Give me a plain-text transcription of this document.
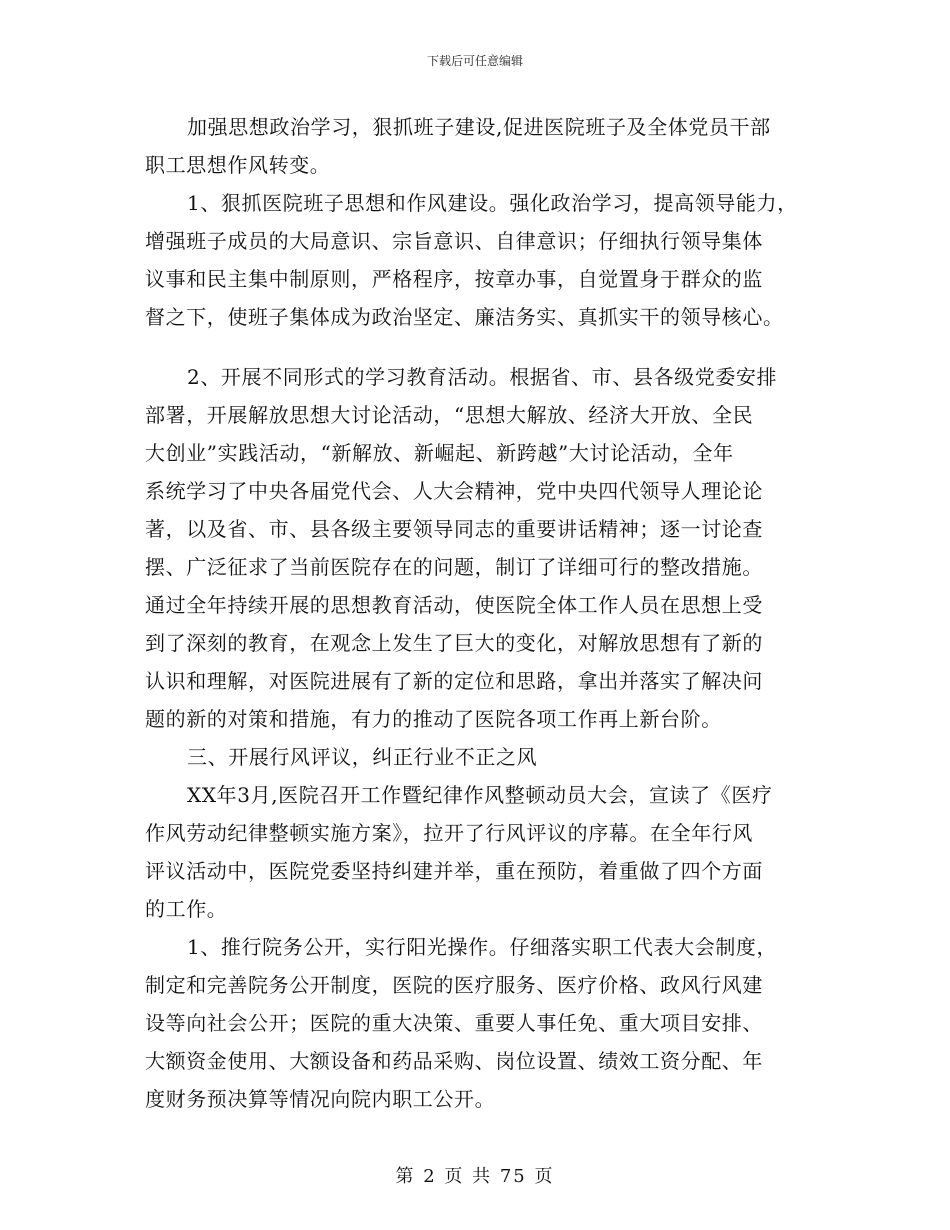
下载后可任意编辑
加强思想政治学习，狠抓班子建设,促进医院班子及全体党员干部
职工思想作风转变。
1、狠抓医院班子思想和作风建设。强化政治学习，提高领导能力，
增强班子成员的大局意识、宗旨意识、自律意识；仔细执行领导集体
议事和民主集中制原则，严格程序，按章办事，自觉置身于群众的监
督之下，使班子集体成为政治坚定、廉洁务实、真抓实干的领导核心。
2、开展不同形式的学习教育活动。根据省、市、县各级党委安排
部署，开展解放思想大讨论活动，“思想大解放、经济大开放、全民
大创业”实践活动，“新解放、新崛起、新跨越”大讨论活动，全年
系统学习了中央各届党代会、人大会精神，党中央四代领导人理论论
著，以及省、市、县各级主要领导同志的重要讲话精神；逐一讨论查
摆、广泛征求了当前医院存在的问题，制订了详细可行的整改措施。
通过全年持续开展的思想教育活动，使医院全体工作人员在思想上受
到了深刻的教育，在观念上发生了巨大的变化，对解放思想有了新的
认识和理解，对医院进展有了新的定位和思路，拿出并落实了解决问
题的新的对策和措施，有力的推动了医院各项工作再上新台阶。
三、开展行风评议，纠正行业不正之风
XX年3月,医院召开工作暨纪律作风整顿动员大会，宣读了《医疗
作风劳动纪律整顿实施方案》，拉开了行风评议的序幕。在全年行风
评议活动中，医院党委坚持纠建并举，重在预防，着重做了四个方面
的工作。
1、推行院务公开，实行阳光操作。仔细落实职工代表大会制度，
制定和完善院务公开制度，医院的医疗服务、医疗价格、政风行风建
设等向社会公开；医院的重大决策、重要人事任免、重大项目安排、
大额资金使用、大额设备和药品采购、岗位设置、绩效工资分配、年
度财务预决算等情况向院内职工公开。
第 2 页 共 75 页
